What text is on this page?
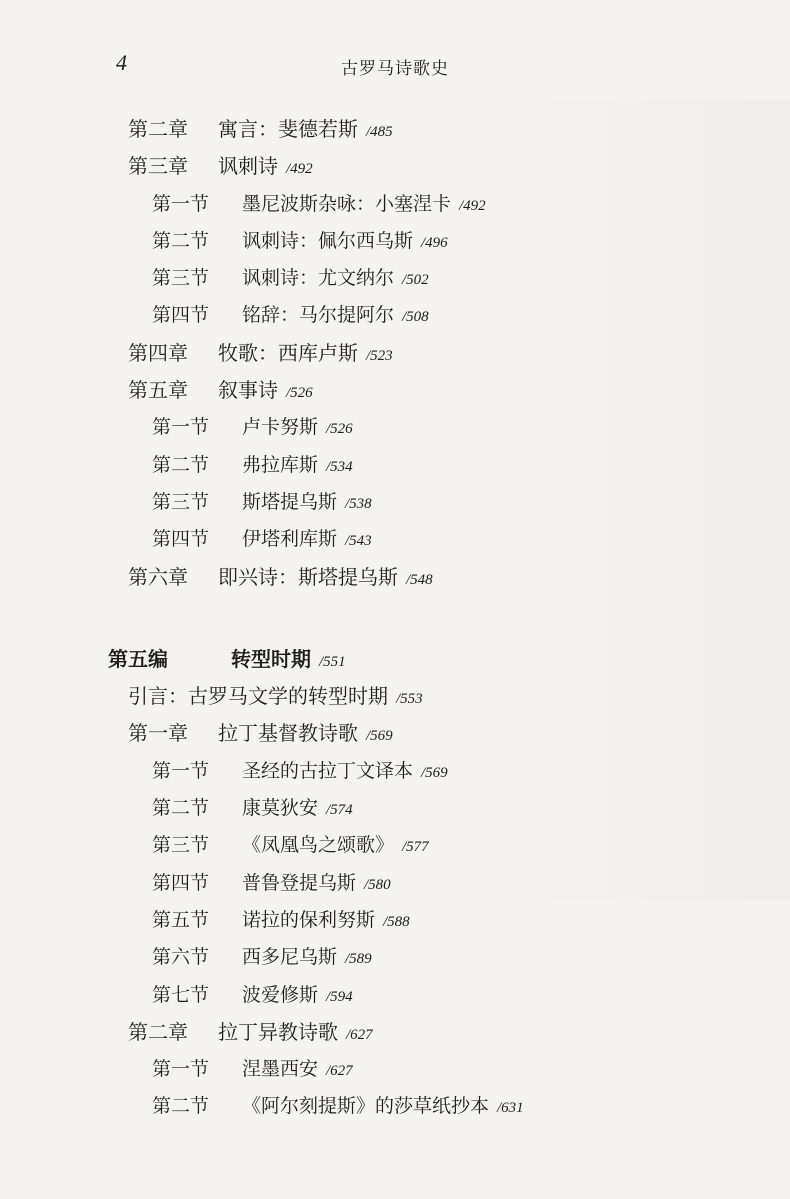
4	古罗马诗歌史
第二章 寓言：斐德若斯 /485
第三章 讽刺诗 /492
第一节 墨尼波斯杂咏：小塞涅卡 /492
第二节 讽刺诗：佩尔西乌斯 /496
第三节 讽刺诗：尤文纳尔 /502
第四节 铭辞：马尔提阿尔 /508
第四章 牧歌：西库卢斯 /523
第五章 叙事诗 /526
第一节 卢卡努斯 /526
第二节 弗拉库斯 /534
第三节 斯塔提乌斯 /538
第四节 伊塔利库斯 /543
第六章 即兴诗：斯塔提乌斯 /548
第五编	转型时期 /551
引言：古罗马文学的转型时期 /553
第一章 拉丁基督教诗歌 /569
第一节 圣经的古拉丁文译本 /569
第二节 康莫狄安 /574
第三节 《凤凰鸟之颂歌》 /577
第四节 普鲁登提乌斯 /580
第五节 诺拉的保利努斯 /588
第六节 西多尼乌斯 /589
第七节 波爱修斯 /594
第二章 拉丁异教诗歌 /627
第一节 涅墨西安 /627
第二节 《阿尔刻提斯》的莎草纸抄本 /631
